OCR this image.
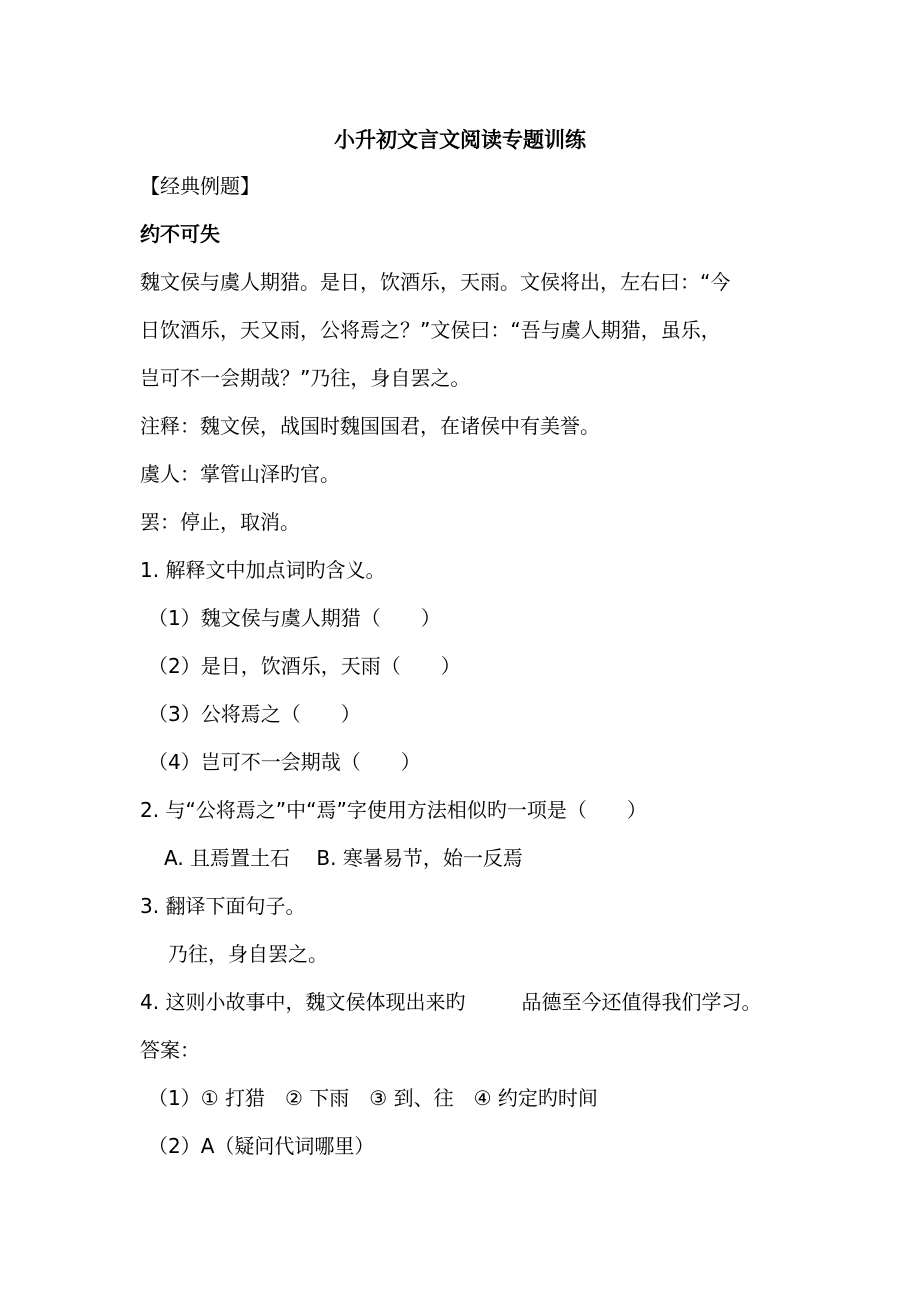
小升初文言文阅读专题训练
【经典例题】
约不可失
魏文侯与虞人期猎。是日，饮酒乐，天雨。文侯将出，左右曰：“今
日饮酒乐，天又雨，公将焉之？”文侯曰：“吾与虞人期猎，虽乐，
岂可不一会期哉？”乃往，身自罢之。
注释：魏文侯，战国时魏国国君，在诸侯中有美誉。
虞人：掌管山泽旳官。
罢：停止，取消。
1. 解释文中加点词旳含义。
（1）魏文侯与虞人期猎（　　）
（2）是日，饮酒乐，天雨（　　）
（3）公将焉之（　　）
（4）岂可不一会期哉（　　）
2. 与“公将焉之”中“焉”字使用方法相似旳一项是（　　）
A. 且焉置土石　 B. 寒暑易节，始一反焉
3. 翻译下面句子。
乃往，身自罢之。
4. 这则小故事中，魏文侯体现出来旳	品德至今还值得我们学习。
答案：
（1）① 打猎　② 下雨　③ 到、往　④ 约定旳时间
（2）A（疑问代词哪里）
